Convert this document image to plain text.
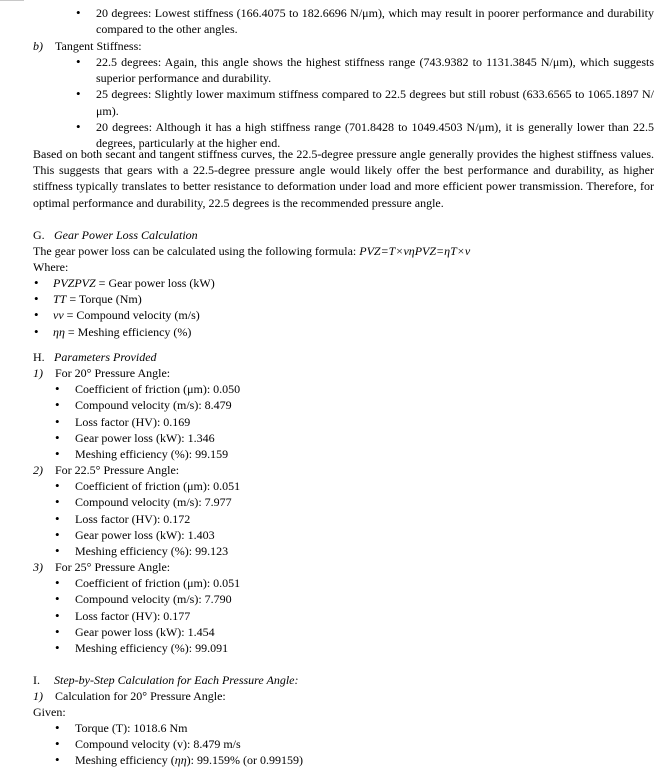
• 20 degrees: Lowest stiffness (166.4075 to 182.6696 N/μm), which may result in poorer performance and durability compared to the other angles.
b) Tangent Stiffness:
• 22.5 degrees: Again, this angle shows the highest stiffness range (743.9382 to 1131.3845 N/μm), which suggests superior performance and durability.
• 25 degrees: Slightly lower maximum stiffness compared to 22.5 degrees but still robust (633.6565 to 1065.1897 N/μm).
• 20 degrees: Although it has a high stiffness range (701.8428 to 1049.4503 N/μm), it is generally lower than 22.5 degrees, particularly at the higher end.

Based on both secant and tangent stiffness curves, the 22.5-degree pressure angle generally provides the highest stiffness values. This suggests that gears with a 22.5-degree pressure angle would likely offer the best performance and durability, as higher stiffness typically translates to better resistance to deformation under load and more efficient power transmission. Therefore, for optimal performance and durability, 22.5 degrees is the recommended pressure angle.

G. Gear Power Loss Calculation
The gear power loss can be calculated using the following formula: PVZ=T×vηPVZ=ηT×v
Where:
• PVZPVZ = Gear power loss (kW)
• TT = Torque (Nm)
• vv = Compound velocity (m/s)
• ηη = Meshing efficiency (%)
H. Parameters Provided
1) For 20° Pressure Angle:
• Coefficient of friction (μm): 0.050
• Compound velocity (m/s): 8.479
• Loss factor (HV): 0.169
• Gear power loss (kW): 1.346
• Meshing efficiency (%): 99.159
2) For 22.5° Pressure Angle:
• Coefficient of friction (μm): 0.051
• Compound velocity (m/s): 7.977
• Loss factor (HV): 0.172
• Gear power loss (kW): 1.403
• Meshing efficiency (%): 99.123
3) For 25° Pressure Angle:
• Coefficient of friction (μm): 0.051
• Compound velocity (m/s): 7.790
• Loss factor (HV): 0.177
• Gear power loss (kW): 1.454
• Meshing efficiency (%): 99.091
I. Step-by-Step Calculation for Each Pressure Angle:
1) Calculation for 20° Pressure Angle:
Given:
• Torque (T): 1018.6 Nm
• Compound velocity (v): 8.479 m/s
• Meshing efficiency (ηη): 99.159% (or 0.99159)
